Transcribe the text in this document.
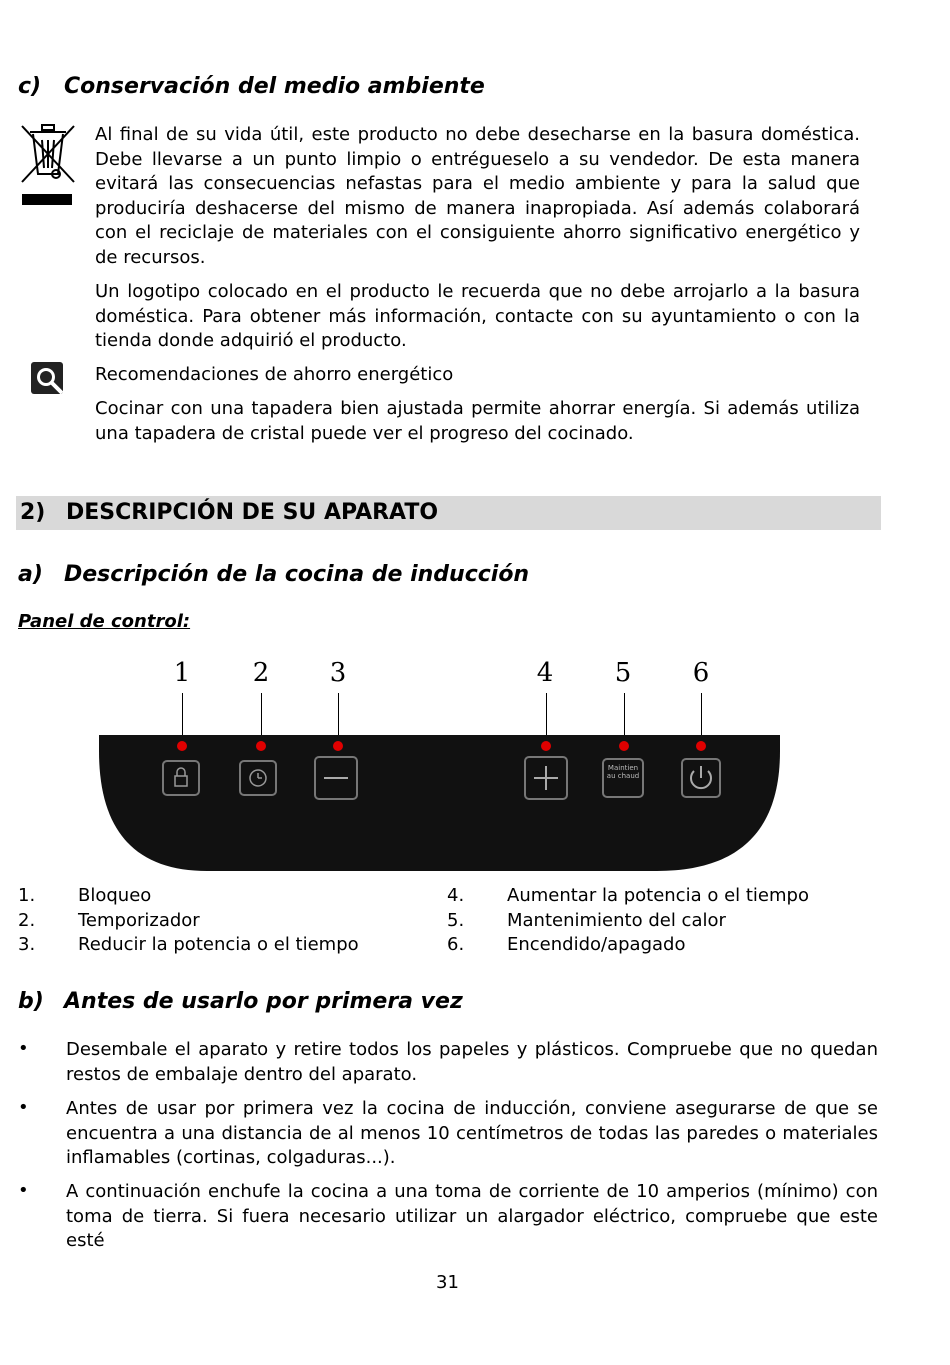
c) Conservación del medio ambiente
Al final de su vida útil, este producto no debe desecharse en la basura doméstica. Debe llevarse a un punto limpio o entrégueselo a su vendedor. De esta manera evitará las consecuencias nefastas para el medio ambiente y para la salud que produciría deshacerse del mismo de manera inapropiada. Así además colaborará con el reciclaje de materiales con el consiguiente ahorro significativo energético y de recursos.
Un logotipo colocado en el producto le recuerda que no debe arrojarlo a la basura doméstica. Para obtener más información, contacte con su ayuntamiento o con la tienda donde adquirió el producto.
Recomendaciones de ahorro energético
Cocinar con una tapadera bien ajustada permite ahorrar energía. Si además utiliza una tapadera de cristal puede ver el progreso del cocinado.
2) DESCRIPCIÓN DE SU APARATO
a) Descripción de la cocina de inducción
Panel de control:
1 2 3	4 5 6
Maintien au chaud
1. Bloqueo
2. Temporizador
3. Reducir la potencia o el tiempo
4. Aumentar la potencia o el tiempo
5. Mantenimiento del calor
6. Encendido/apagado
b) Antes de usarlo por primera vez
• Desembale el aparato y retire todos los papeles y plásticos. Compruebe que no quedan restos de embalaje dentro del aparato.
• Antes de usar por primera vez la cocina de inducción, conviene asegurarse de que se encuentra a una distancia de al menos 10 centímetros de todas las paredes o materiales inflamables (cortinas, colgaduras...).
• A continuación enchufe la cocina a una toma de corriente de 10 amperios (mínimo) con toma de tierra. Si fuera necesario utilizar un alargador eléctrico, compruebe que este esté
31
